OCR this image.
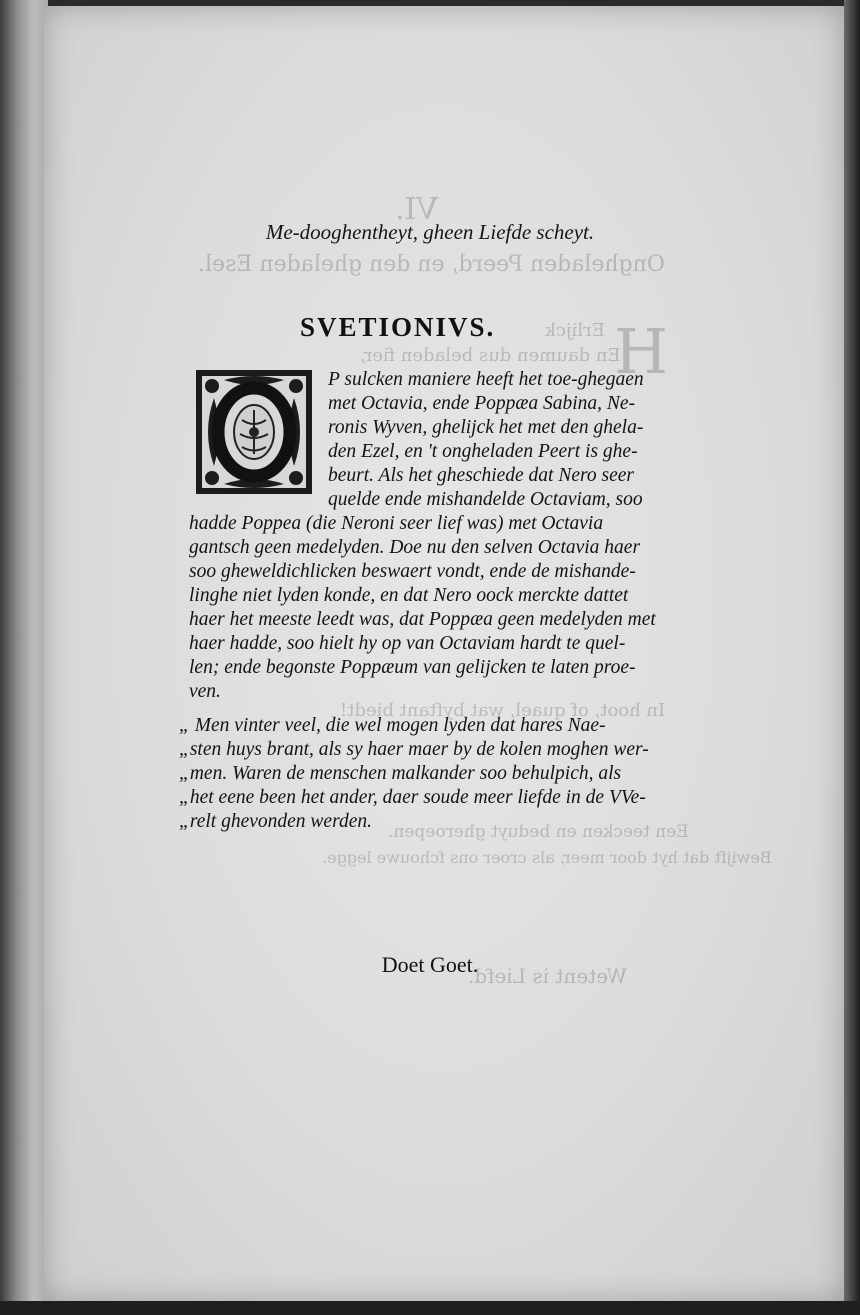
VI.
Ongheladen Peerd, en den gheladen Esel.
H
Erlijck
En daumen dus beladen fier,
In hoot, of quael, wat byftant biedt!
Een teecken en beduyt gheroepen.
Bewijft dat hyt door meer, als croer ons fchouwe legge.
Wetent is Liefd.
Me-dooghentheyt, gheen Liefde scheyt.
SVETIONIVS.
P sulcken maniere heeft het toe-ghegaen
met Octavia, ende Poppæa Sabina, Ne-
ronis Wyven, ghelijck het met den ghela-
den Ezel, en 't ongheladen Peert is ghe-
beurt. Als het gheschiede dat Nero seer
quelde ende mishandelde Octaviam, soo
hadde Poppea (die Neroni seer lief was) met Octavia
gantsch geen medelyden. Doe nu den selven Octavia haer
soo gheweldichlicken beswaert vondt, ende de mishande-
linghe niet lyden konde, en dat Nero oock merckte dattet
haer het meeste leedt was, dat Poppæa geen medelyden met
haer hadde, soo hielt hy op van Octaviam hardt te quel-
len; ende begonste Poppæum van gelijcken te laten proe-
ven.
„ Men vinter veel, die wel mogen lyden dat hares Nae-
„sten huys brant, als sy haer maer by de kolen moghen wer-
„men. Waren de menschen malkander soo behulpich, als
„het eene been het ander, daer soude meer liefde in de VVe-
„relt ghevonden werden.
Doet Goet.
